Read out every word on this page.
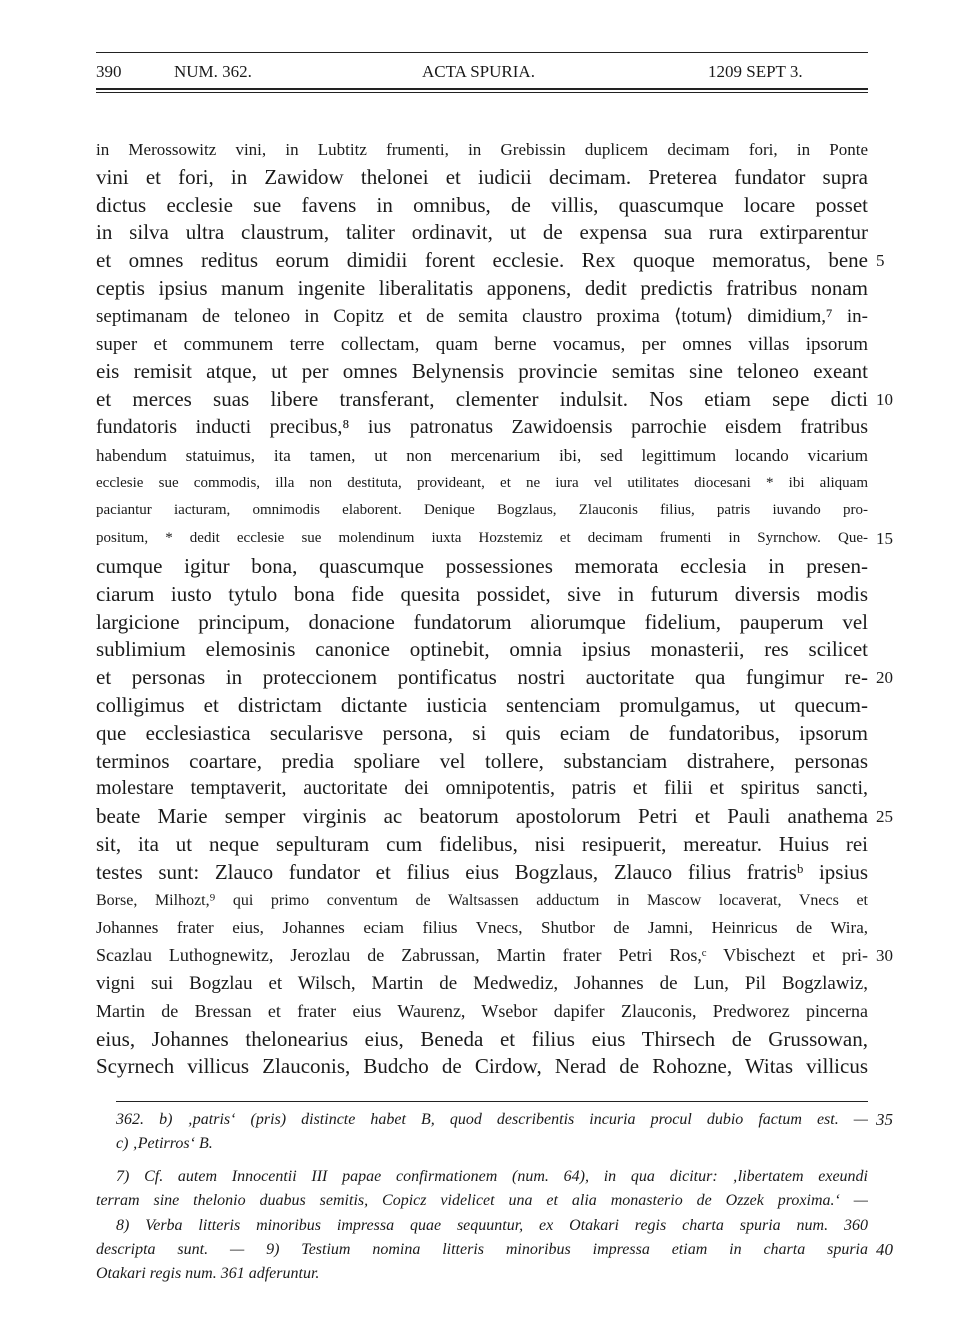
390	NUM. 362.	ACTA SPURIA.	1209 SEPT 3.
in Merossowitz vini, in Lubtitz frumenti, in Grebissin duplicem decimam fori, in Ponte
vini et fori, in Zawidow thelonei et iudicii decimam. Preterea fundator supra
dictus ecclesie sue favens in omnibus, de villis, quascumque locare posset
in silva ultra claustrum, taliter ordinavit, ut de expensa sua rura extirparentur
et omnes reditus eorum dimidii forent ecclesie. Rex quoque memoratus, bene 5
ceptis ipsius manum ingenite liberalitatis apponens, dedit predictis fratribus nonam
septimanam de teloneo in Copitz et de semita claustro proxima ⟨totum⟩ dimidium,⁷ in-
super et communem terre collectam, quam berne vocamus, per omnes villas ipsorum
eis remisit atque, ut per omnes Belynensis provincie semitas sine teloneo exeant
et merces suas libere transferant, clementer indulsit. Nos etiam sepe dicti 10
fundatoris inducti precibus,⁸ ius patronatus Zawidoensis parrochie eisdem fratribus
habendum statuimus, ita tamen, ut non mercenarium ibi, sed legittimum locando vicarium
ecclesie sue commodis, illa non destituta, provideant, et ne iura vel utilitates diocesani * ibi aliquam
paciantur iacturam, omnimodis elaborent. Denique Bogzlaus, Zlauconis filius, patris iuvando pro-
positum, * dedit ecclesie sue molendinum iuxta Hozstemiz et decimam frumenti in Syrnchow. Que- 15
cumque igitur bona, quascumque possessiones memorata ecclesia in presen-
ciarum iusto tytulo bona fide quesita possidet, sive in futurum diversis modis
largicione principum, donacione fundatorum aliorumque fidelium, pauperum vel
sublimium elemosinis canonice optinebit, omnia ipsius monasterii, res scilicet
et personas in proteccionem pontificatus nostri auctoritate qua fungimur re- 20
colligimus et districtam dictante iusticia sentenciam promulgamus, ut quecum-
que ecclesiastica secularisve persona, si quis eciam de fundatoribus, ipsorum
terminos coartare, predia spoliare vel tollere, substanciam distrahere, personas
molestare temptaverit, auctoritate dei omnipotentis, patris et filii et spiritus sancti,
beate Marie semper virginis ac beatorum apostolorum Petri et Pauli anathema 25
sit, ita ut neque sepulturam cum fidelibus, nisi resipuerit, mereatur. Huius rei
testes sunt: Zlauco fundator et filius eius Bogzlaus, Zlauco filius fratrisᵇ ipsius
Borse, Milhozt,⁹ qui primo conventum de Waltsassen adductum in Mascow locaverat, Vnecs et
Johannes frater eius, Johannes eciam filius Vnecs, Shutbor de Jamni, Heinricus de Wira,
Scazlau Luthognewitz, Jerozlau de Zabrussan, Martin frater Petri Ros,ᶜ Vbischezt et pri- 30
vigni sui Bogzlau et Wilsch, Martin de Medwediz, Johannes de Lun, Pil Bogzlawiz,
Martin de Bressan et frater eius Waurenz, Wsebor dapifer Zlauconis, Predworez pincerna
eius, Johannes thelonearius eius, Beneda et filius eius Thirsech de Grussowan,
Scyrnech villicus Zlauconis, Budcho de Cirdow, Nerad de Rohozne, Witas villicus
362. b) ‚patris‘ (pris) distincte habet B, quod describentis incuria procul dubio factum est. — 35
c) ‚Petirros‘ B.
7) Cf. autem Innocentii III papae confirmationem (num. 64), in qua dicitur: ‚libertatem exeundi
terram sine thelonio duabus semitis, Copicz videlicet una et alia monasterio de Ozzek proxima.‘ —
8) Verba litteris minoribus impressa quae sequuntur, ex Otakari regis charta spuria num. 360
descripta sunt. — 9) Testium nomina litteris minoribus impressa etiam in charta spuria 40
Otakari regis num. 361 adferuntur.
